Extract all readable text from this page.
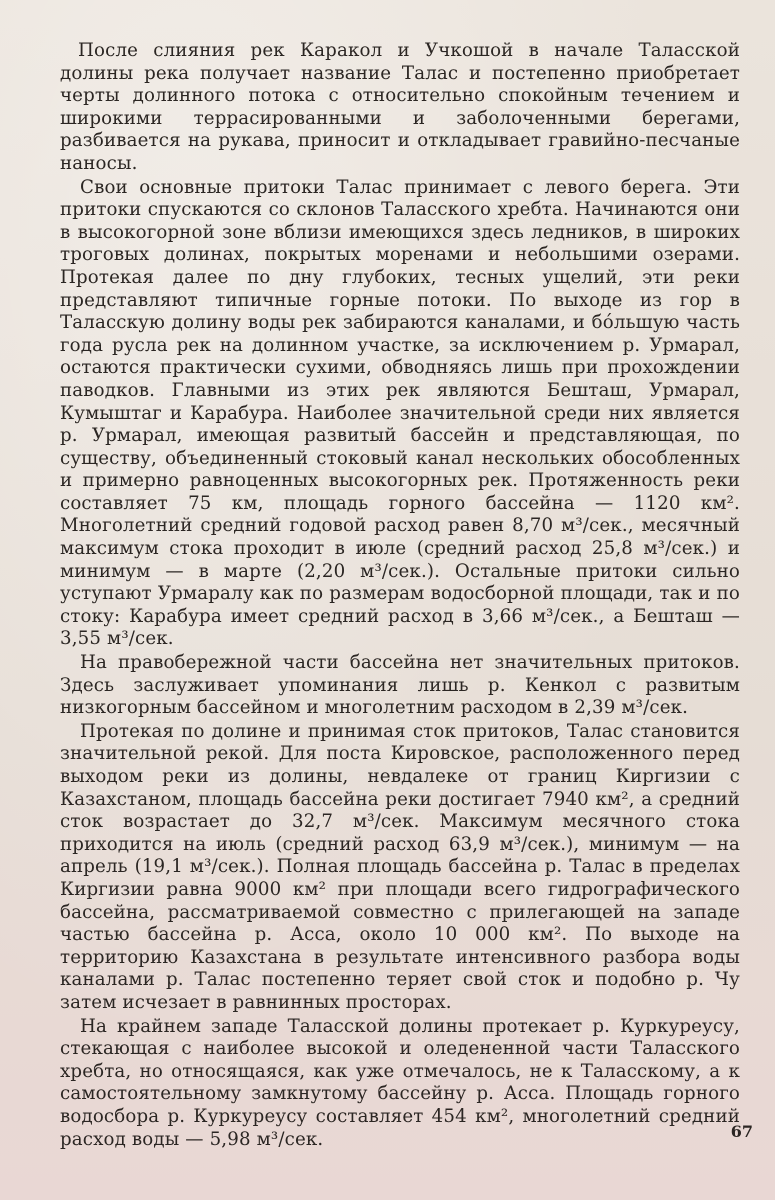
После слияния рек Каракол и Учкошой в начале Таласской долины река получает название Талас и постепенно приобретает черты долинного потока с относительно спокойным течением и широкими террасированными и заболоченными берегами, разбивается на рукава, приносит и откладывает гравийно-песчаные наносы.

Свои основные притоки Талас принимает с левого берега. Эти притоки спускаются со склонов Таласского хребта. Начинаются они в высокогорной зоне вблизи имеющихся здесь ледников, в широких троговых долинах, покрытых моренами и небольшими озерами. Протекая далее по дну глубоких, тесных ущелий, эти реки представляют типичные горные потоки. По выходе из гор в Таласскую долину воды рек забираются каналами, и бо́льшую часть года русла рек на долинном участке, за исключением р. Урмарал, остаются практически сухими, обводняясь лишь при прохождении паводков. Главными из этих рек являются Бешташ, Урмарал, Кумыштаг и Карабура. Наиболее значительной среди них является р. Урмарал, имеющая развитый бассейн и представляющая, по существу, объединенный стоковый канал нескольких обособленных и примерно равноценных высокогорных рек. Протяженность реки составляет 75 км, площадь горного бассейна — 1120 км². Многолетний средний годовой расход равен 8,70 м³/сек., месячный максимум стока проходит в июле (средний расход 25,8 м³/сек.) и минимум — в марте (2,20 м³/сек.). Остальные притоки сильно уступают Урмаралу как по размерам водосборной площади, так и по стоку: Карабура имеет средний расход в 3,66 м³/сек., а Бешташ — 3,55 м³/сек.

На правобережной части бассейна нет значительных притоков. Здесь заслуживает упоминания лишь р. Кенкол с развитым низкогорным бассейном и многолетним расходом в 2,39 м³/сек.

Протекая по долине и принимая сток притоков, Талас становится значительной рекой. Для поста Кировское, расположенного перед выходом реки из долины, невдалеке от границ Киргизии с Казахстаном, площадь бассейна реки достигает 7940 км², а средний сток возрастает до 32,7 м³/сек. Максимум месячного стока приходится на июль (средний расход 63,9 м³/сек.), минимум — на апрель (19,1 м³/сек.). Полная площадь бассейна р. Талас в пределах Киргизии равна 9000 км² при площади всего гидрографического бассейна, рассматриваемой совместно с прилегающей на западе частью бассейна р. Асса, около 10 000 км². По выходе на территорию Казахстана в результате интенсивного разбора воды каналами р. Талас постепенно теряет свой сток и подобно р. Чу затем исчезает в равнинных просторах.

На крайнем западе Таласской долины протекает р. Куркуреусу, стекающая с наиболее высокой и оледененной части Таласского хребта, но относящаяся, как уже отмечалось, не к Таласскому, а к самостоятельному замкнутому бассейну р. Асса. Площадь горного водосбора р. Куркуреусу составляет 454 км², многолетний средний расход воды — 5,98 м³/сек.	67
